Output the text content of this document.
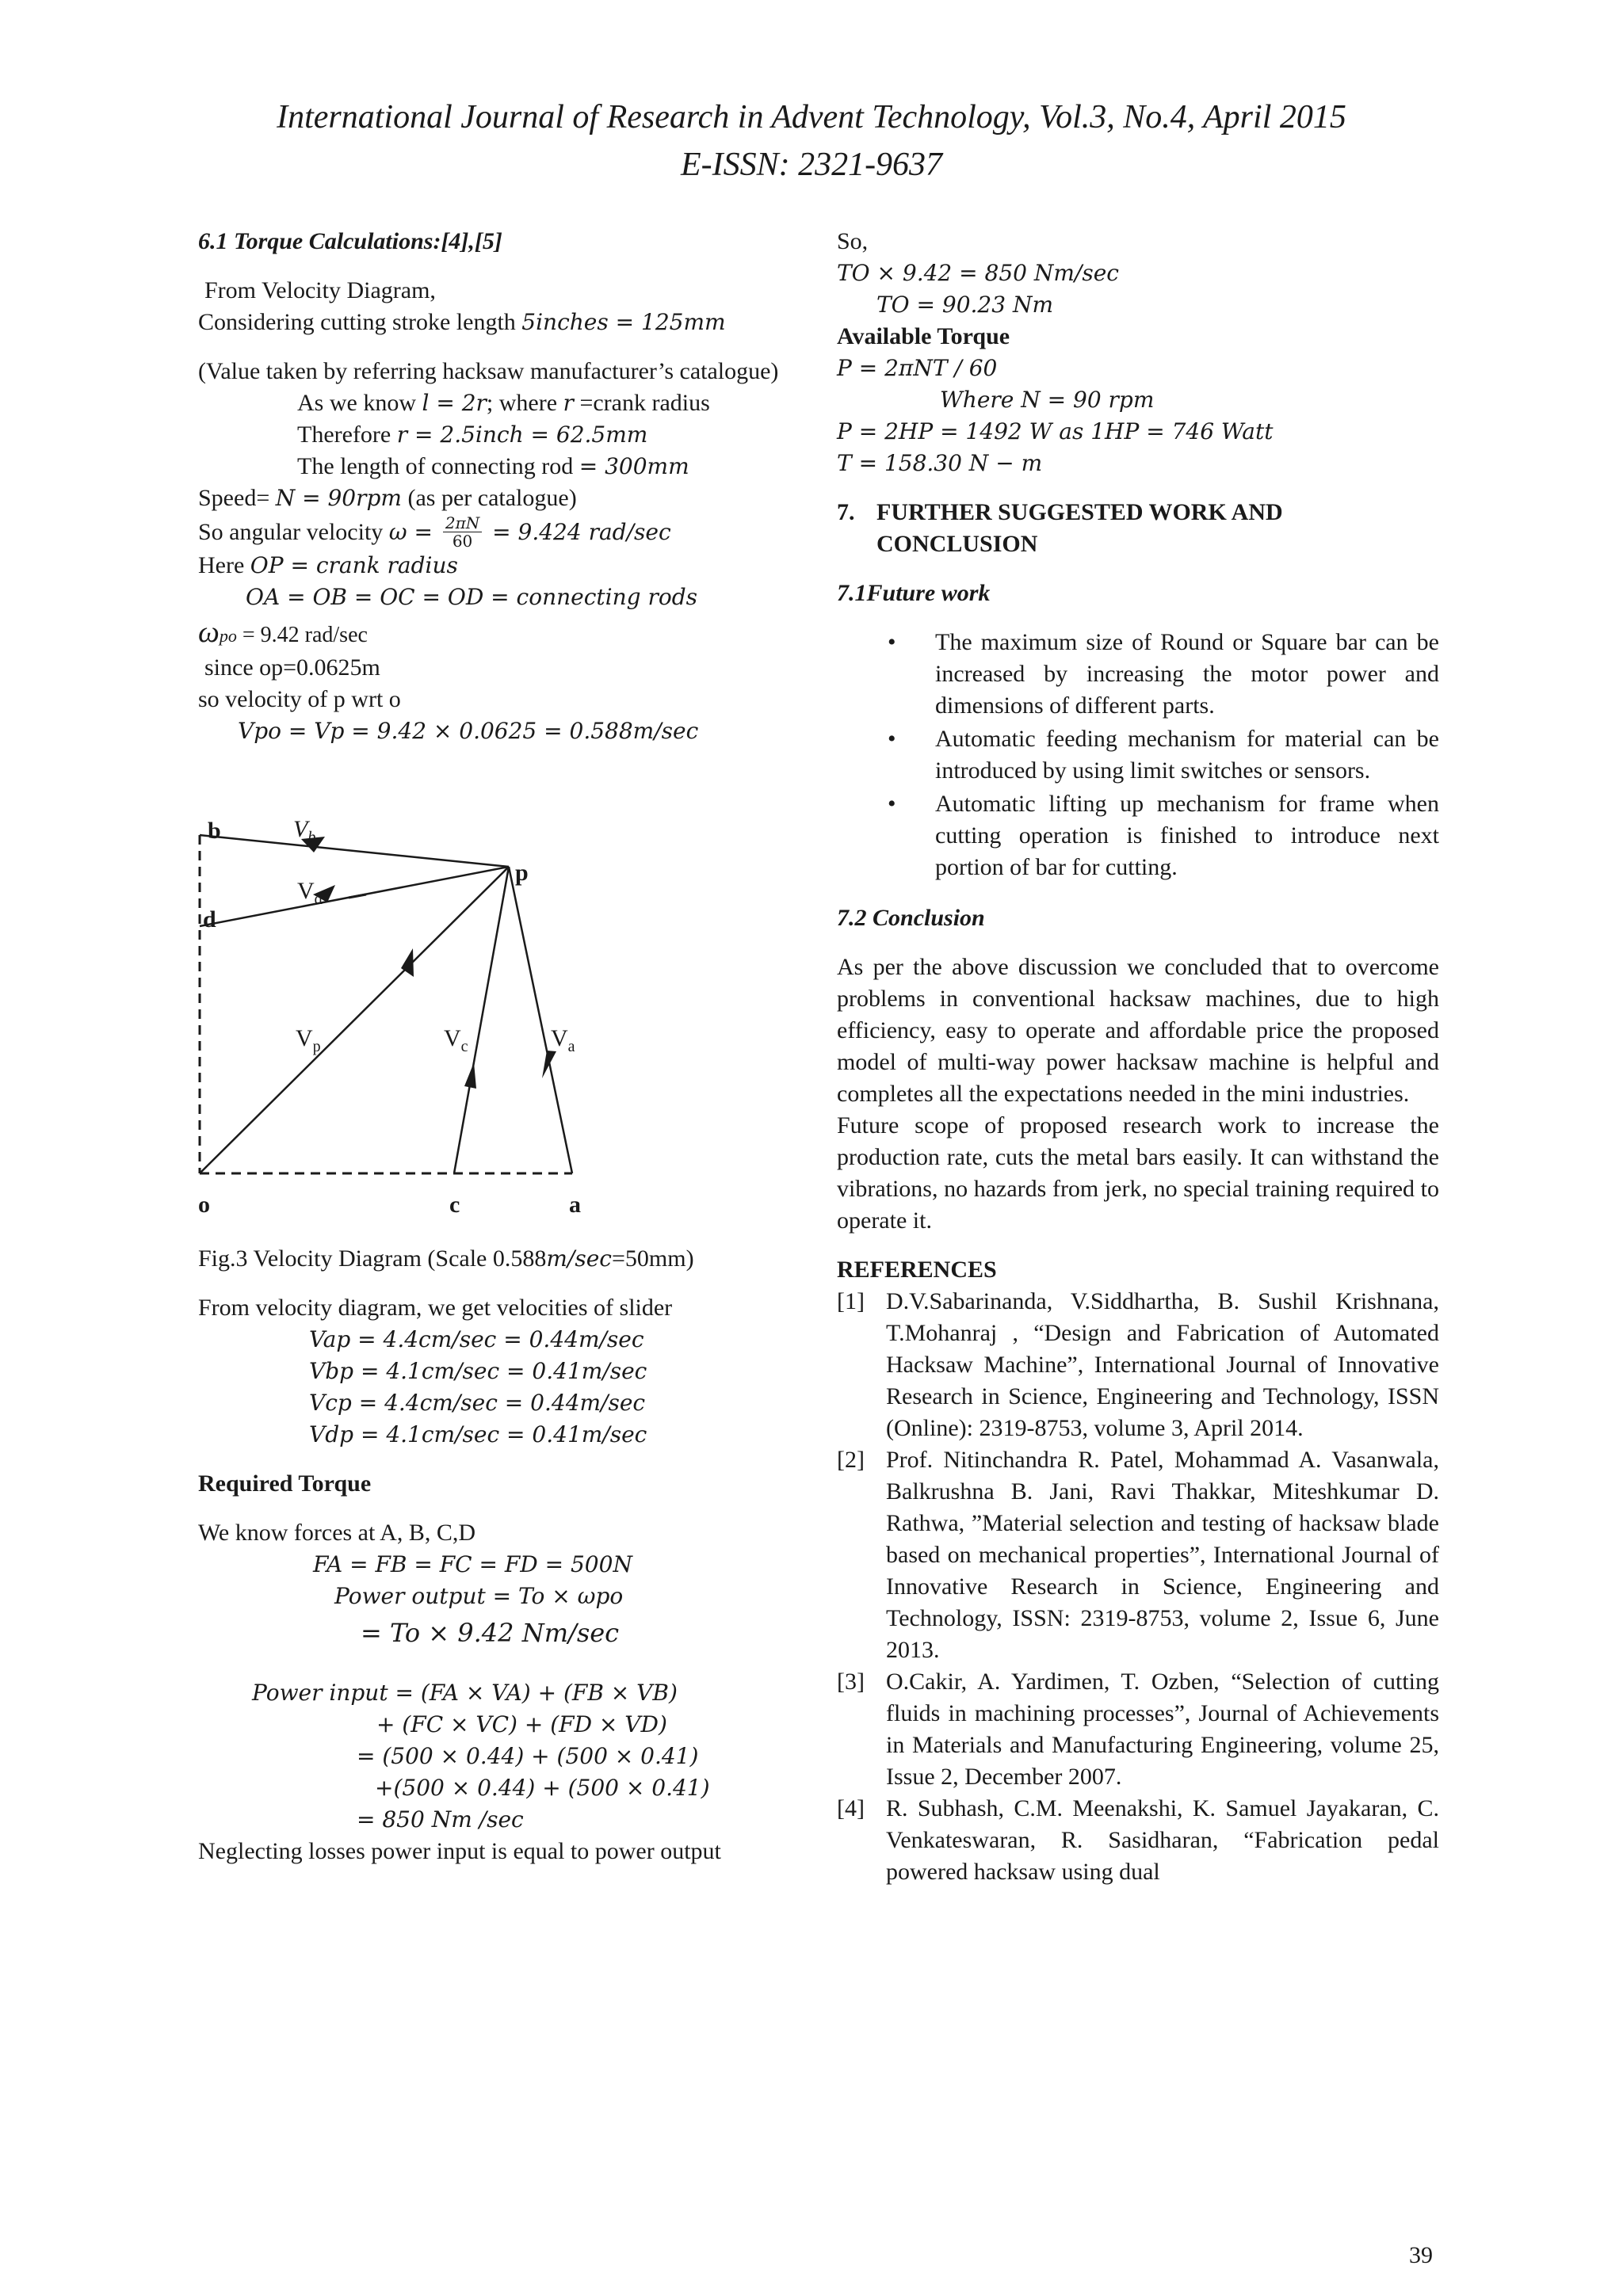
International Journal of Research in Advent Technology, Vol.3, No.4, April 2015
E-ISSN: 2321-9637

6.1 Torque Calculations:[4],[5]

From Velocity Diagram,

Considering cutting stroke length 5inches = 125mm

(Value taken by referring hacksaw manufacturer’s catalogue)

As we know l = 2r; where r =crank radius

Therefore r = 2.5inch = 62.5mm

The length of connecting rod = 300mm

Speed= N = 90rpm (as per catalogue)

So angular velocity $\omega = \frac{2\pi N}{60} = 9.424$ rad/sec

Here OP = crank radius

OA = OB = OC = OD = connecting rods

ωpo = 9.42 rad/sec

since op=0.0625m

so velocity of p wrt o

Vpo = Vp = 9.42 × 0.0625 = 0.588m/sec

b
d
p
o	c	a
$V_b$
$V_d$
$V_p$	$V_c$	$V_a$

Fig.3 Velocity Diagram (Scale 0.588m/sec=50mm)

From velocity diagram, we get velocities of slider

Vap = 4.4cm/sec = 0.44m/sec

Vbp = 4.1cm/sec = 0.41m/sec

Vcp = 4.4cm/sec = 0.44m/sec

Vdp = 4.1cm/sec = 0.41m/sec

Required Torque

We know forces at A, B, C,D

FA = FB = FC = FD = 500N

Power output = To × ωpo

= To × 9.42 Nm/sec

Power input = (FA × VA) + (FB × VB)

+ (FC × VC) + (FD × VD)

= (500 × 0.44) + (500 × 0.41)

+(500 × 0.44) + (500 × 0.41)

= 850 Nm /sec

Neglecting losses power input is equal to power output

So,

TO × 9.42 = 850 Nm/sec

TO = 90.23 Nm

Available Torque

P = 2πNT / 60

Where N = 90 rpm

P = 2HP = 1492 W as 1HP = 746 Watt

T = 158.30 N − m

7. FURTHER SUGGESTED WORK AND CONCLUSION

7.1Future work

• The maximum size of Round or Square bar can be increased by increasing the motor power and dimensions of different parts.
• Automatic feeding mechanism for material can be introduced by using limit switches or sensors.
• Automatic lifting up mechanism for frame when cutting operation is finished to introduce next portion of bar for cutting.

7.2 Conclusion

As per the above discussion we concluded that to overcome problems in conventional hacksaw machines, due to high efficiency, easy to operate and affordable price the proposed model of multi-way power hacksaw machine is helpful and completes all the expectations needed in the mini industries.

Future scope of proposed research work to increase the production rate, cuts the metal bars easily. It can withstand the vibrations, no hazards from jerk, no special training required to operate it.

REFERENCES

[1] D.V.Sabarinanda, V.Siddhartha, B. Sushil Krishnana, T.Mohanraj , “Design and Fabrication of Automated Hacksaw Machine”, International Journal of Innovative Research in Science, Engineering and Technology, ISSN (Online): 2319-8753, volume 3, April 2014.
[2] Prof. Nitinchandra R. Patel, Mohammad A. Vasanwala, Balkrushna B. Jani, Ravi Thakkar, Miteshkumar D. Rathwa, ”Material selection and testing of hacksaw blade based on mechanical properties”, International Journal of Innovative Research in Science, Engineering and Technology, ISSN: 2319-8753, volume 2, Issue 6, June 2013.
[3] O.Cakir, A. Yardimen, T. Ozben, “Selection of cutting fluids in machining processes”, Journal of Achievements in Materials and Manufacturing Engineering, volume 25, Issue 2, December 2007.
[4] R. Subhash, C.M. Meenakshi, K. Samuel Jayakaran, C. Venkateswaran, R. Sasidharan, “Fabrication pedal powered hacksaw using dual
39
